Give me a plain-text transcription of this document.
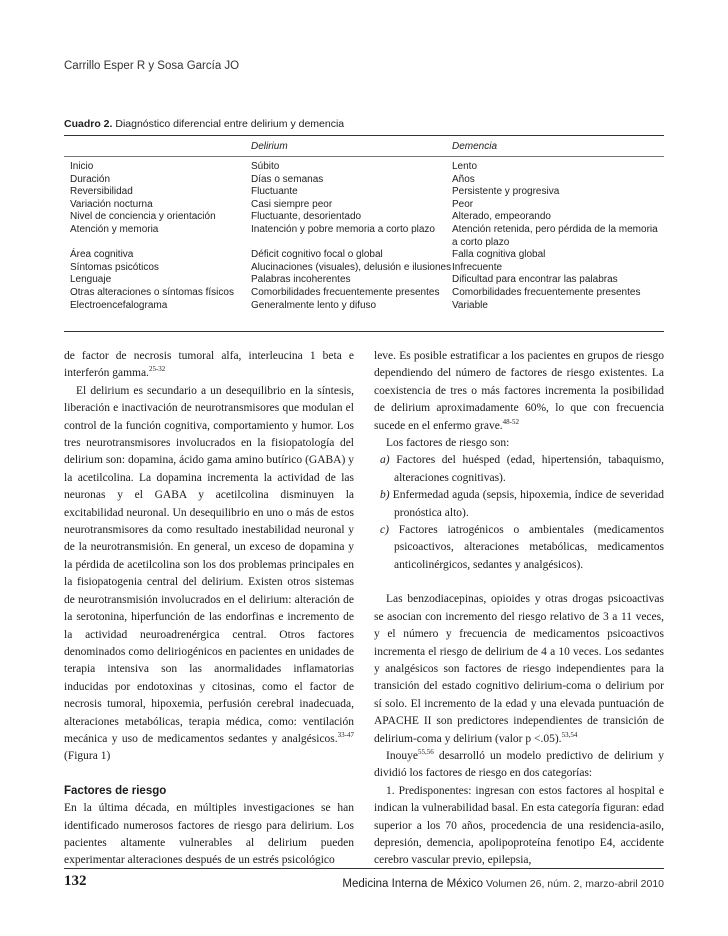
Carrillo Esper R y Sosa García JO
Cuadro 2. Diagnóstico diferencial entre delirium y demencia
	Delirium	Demencia

Inicio	Súbito	Lento
Duración	Días o semanas	Años
Reversibilidad	Fluctuante	Persistente y progresiva
Variación nocturna	Casi siempre peor	Peor
Nivel de conciencia y orientación	Fluctuante, desorientado	Alterado, empeorando
Atención y memoria	Inatención y pobre memoria a corto plazo	Atención retenida, pero pérdida de la memoria a corto plazo
Área cognitiva	Déficit cognitivo focal o global	Falla cognitiva global
Síntomas psicóticos	Alucinaciones (visuales), delusión e ilusiones	Infrecuente
Lenguaje	Palabras incoherentes	Dificultad para encontrar las palabras
Otras alteraciones o síntomas físicos	Comorbilidades frecuentemente presentes	Comorbilidades frecuentemente presentes
Electroencefalograma	Generalmente lento y difuso	Variable

de factor de necrosis tumoral alfa, interleucina 1 beta e interferón gamma.$^{25-32}$

El delirium es secundario a un desequilibrio en la síntesis, liberación e inactivación de neurotransmisores que modulan el control de la función cognitiva, comportamiento y humor. Los tres neurotransmisores involucrados en la fisiopatología del delirium son: dopamina, ácido gama amino butírico (GABA) y la acetilcolina. La dopamina incrementa la actividad de las neuronas y el GABA y acetilcolina disminuyen la excitabilidad neuronal. Un desequilibrio en uno o más de estos neurotransmisores da como resultado inestabilidad neuronal y de la neurotransmisión. En general, un exceso de dopamina y la pérdida de acetilcolina son los dos problemas principales en la fisiopatogenia central del delirium. Existen otros sistemas de neurotransmisión involucrados en el delirium: alteración de la serotonina, hiperfunción de las endorfinas e incremento de la actividad neuroadrenérgica central. Otros factores denominados como deliriogénicos en pacientes en unidades de terapia intensiva son las anormalidades inflamatorias inducidas por endotoxinas y citosinas, como el factor de necrosis tumoral, hipoxemia, perfusión cerebral inadecuada, alteraciones metabólicas, terapia médica, como: ventilación mecánica y uso de medicamentos sedantes y analgésicos.$^{33-47}$ (Figura 1)

Factores de riesgo

En la última década, en múltiples investigaciones se han identificado numerosos factores de riesgo para delirium. Los pacientes altamente vulnerables al delirium pueden experimentar alteraciones después de un estrés psicológico

leve. Es posible estratificar a los pacientes en grupos de riesgo dependiendo del número de factores de riesgo existentes. La coexistencia de tres o más factores incrementa la posibilidad de delirium aproximadamente 60%, lo que con frecuencia sucede en el enfermo grave.$^{48-52}$

Los factores de riesgo son:

a) Factores del huésped (edad, hipertensión, tabaquismo, alteraciones cognitivas).

b) Enfermedad aguda (sepsis, hipoxemia, índice de severidad pronóstica alto).

c) Factores iatrogénicos o ambientales (medicamentos psicoactivos, alteraciones metabólicas, medicamentos anticolinérgicos, sedantes y analgésicos).

Las benzodiacepinas, opioides y otras drogas psicoactivas se asocian con incremento del riesgo relativo de 3 a 11 veces, y el número y frecuencia de medicamentos psicoactivos incrementa el riesgo de delirium de 4 a 10 veces. Los sedantes y analgésicos son factores de riesgo independientes para la transición del estado cognitivo delirium-coma o delirium por sí solo. El incremento de la edad y una elevada puntuación de APACHE II son predictores independientes de transición de delirium-coma y delirium (valor p <.05).$^{53,54}$

Inouye$^{55,56}$ desarrolló un modelo predictivo de delirium y dividió los factores de riesgo en dos categorías:

1. Predisponentes: ingresan con estos factores al hospital e indican la vulnerabilidad basal. En esta categoría figuran: edad superior a los 70 años, procedencia de una residencia-asilo, depresión, demencia, apolipoproteína fenotipo E4, accidente cerebro vascular previo, epilepsia,

132	Medicina Interna de México Volumen 26, núm. 2, marzo-abril 2010
